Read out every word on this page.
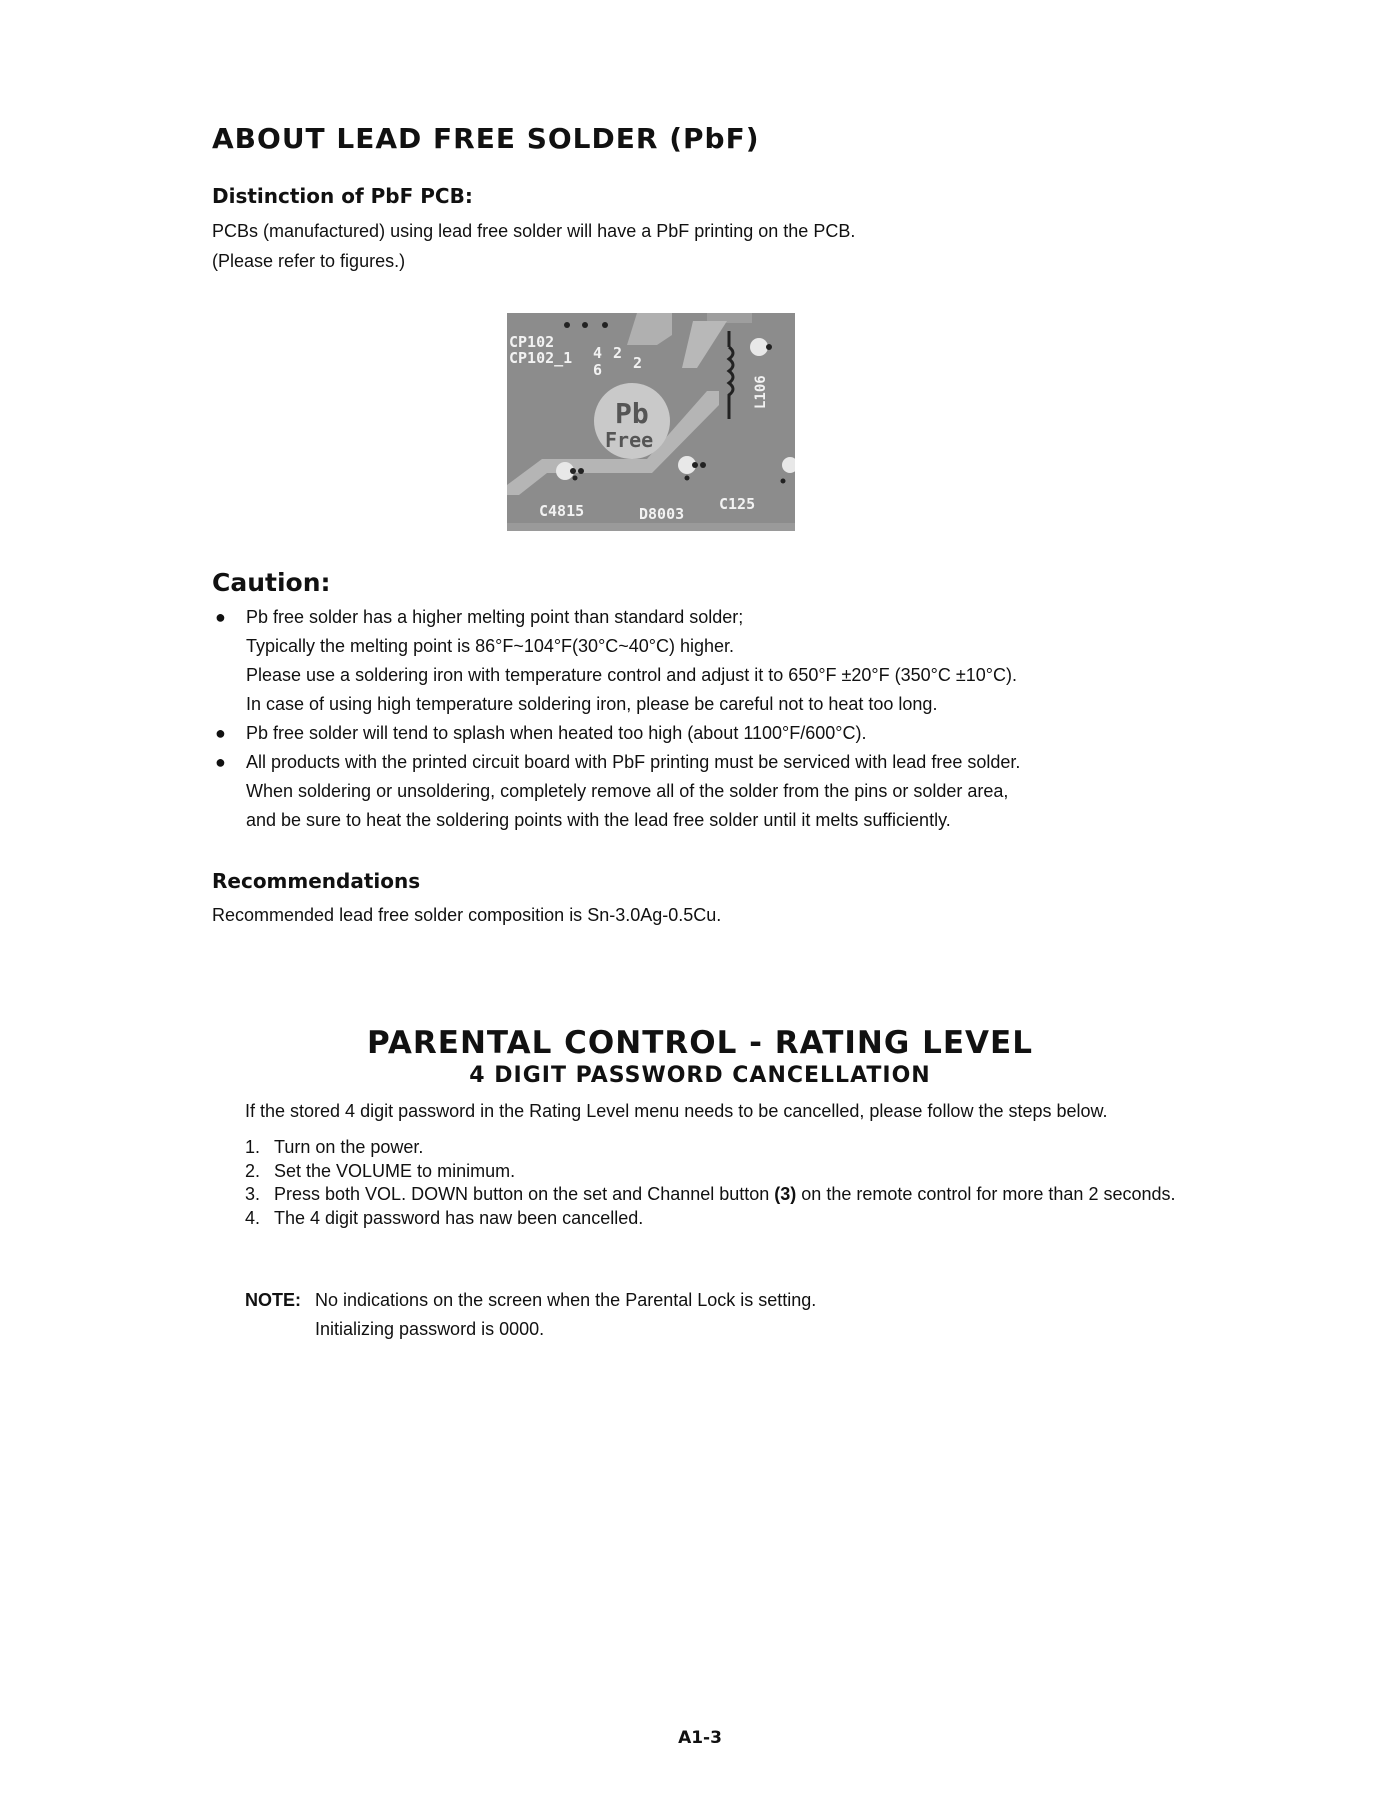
ABOUT LEAD FREE SOLDER (PbF)
Distinction of PbF PCB:
PCBs (manufactured) using lead free solder will have a PbF printing on the PCB.
(Please refer to figures.)
CP102
CP102_1 4 2
6 2
L106
Pb
Free
C4815	D8003
C125
Caution:
● Pb free solder has a higher melting point than standard solder;
Typically the melting point is 86°F~104°F(30°C~40°C) higher.
Please use a soldering iron with temperature control and adjust it to 650°F ±20°F (350°C ±10°C).
In case of using high temperature soldering iron, please be careful not to heat too long.
● Pb free solder will tend to splash when heated too high (about 1100°F/600°C).
● All products with the printed circuit board with PbF printing must be serviced with lead free solder.
When soldering or unsoldering, completely remove all of the solder from the pins or solder area,
and be sure to heat the soldering points with the lead free solder until it melts sufficiently.
Recommendations
Recommended lead free solder composition is Sn-3.0Ag-0.5Cu.
PARENTAL CONTROL - RATING LEVEL
4 DIGIT PASSWORD CANCELLATION
If the stored 4 digit password in the Rating Level menu needs to be cancelled, please follow the steps below.
1. Turn on the power.
2. Set the VOLUME to minimum.
3. Press both VOL. DOWN button on the set and Channel button (3) on the remote control for more than 2 seconds.
4. The 4 digit password has naw been cancelled.
NOTE: No indications on the screen when the Parental Lock is setting.
Initializing password is 0000.
A1-3
